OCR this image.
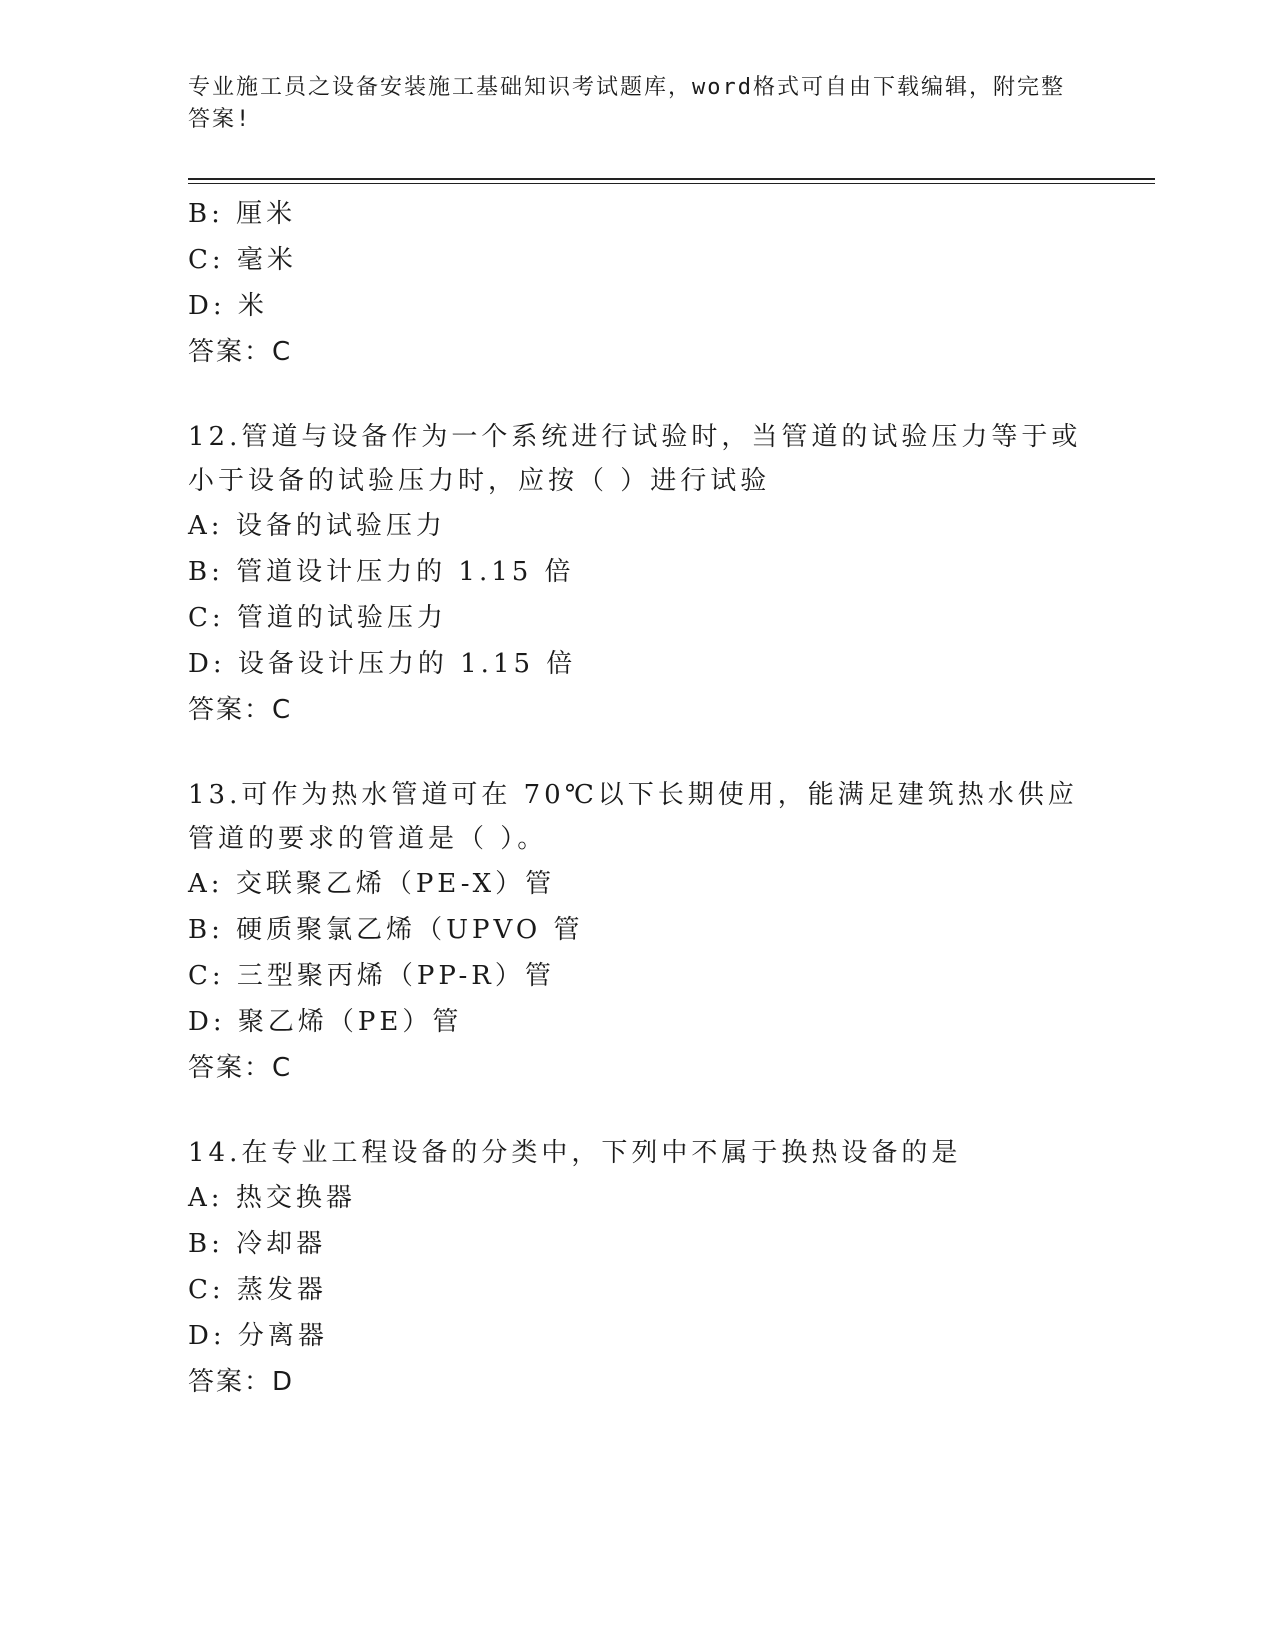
专业施工员之设备安装施工基础知识考试题库，word格式可自由下载编辑，附完整答案!
B: 厘米
C: 毫米
D: 米
答案：C
12.管道与设备作为一个系统进行试验时，当管道的试验压力等于或小于设备的试验压力时，应按（ ）进行试验
A: 设备的试验压力
B: 管道设计压力的 1.15 倍
C: 管道的试验压力
D: 设备设计压力的 1.15 倍
答案：C
13.可作为热水管道可在 70℃以下长期使用，能满足建筑热水供应管道的要求的管道是（ ）。
A: 交联聚乙烯（PE-X）管
B: 硬质聚氯乙烯（UPVO 管
C: 三型聚丙烯（PP-R）管
D: 聚乙烯（PE）管
答案：C
14.在专业工程设备的分类中，下列中不属于换热设备的是
A: 热交换器
B: 冷却器
C: 蒸发器
D: 分离器
答案：D
